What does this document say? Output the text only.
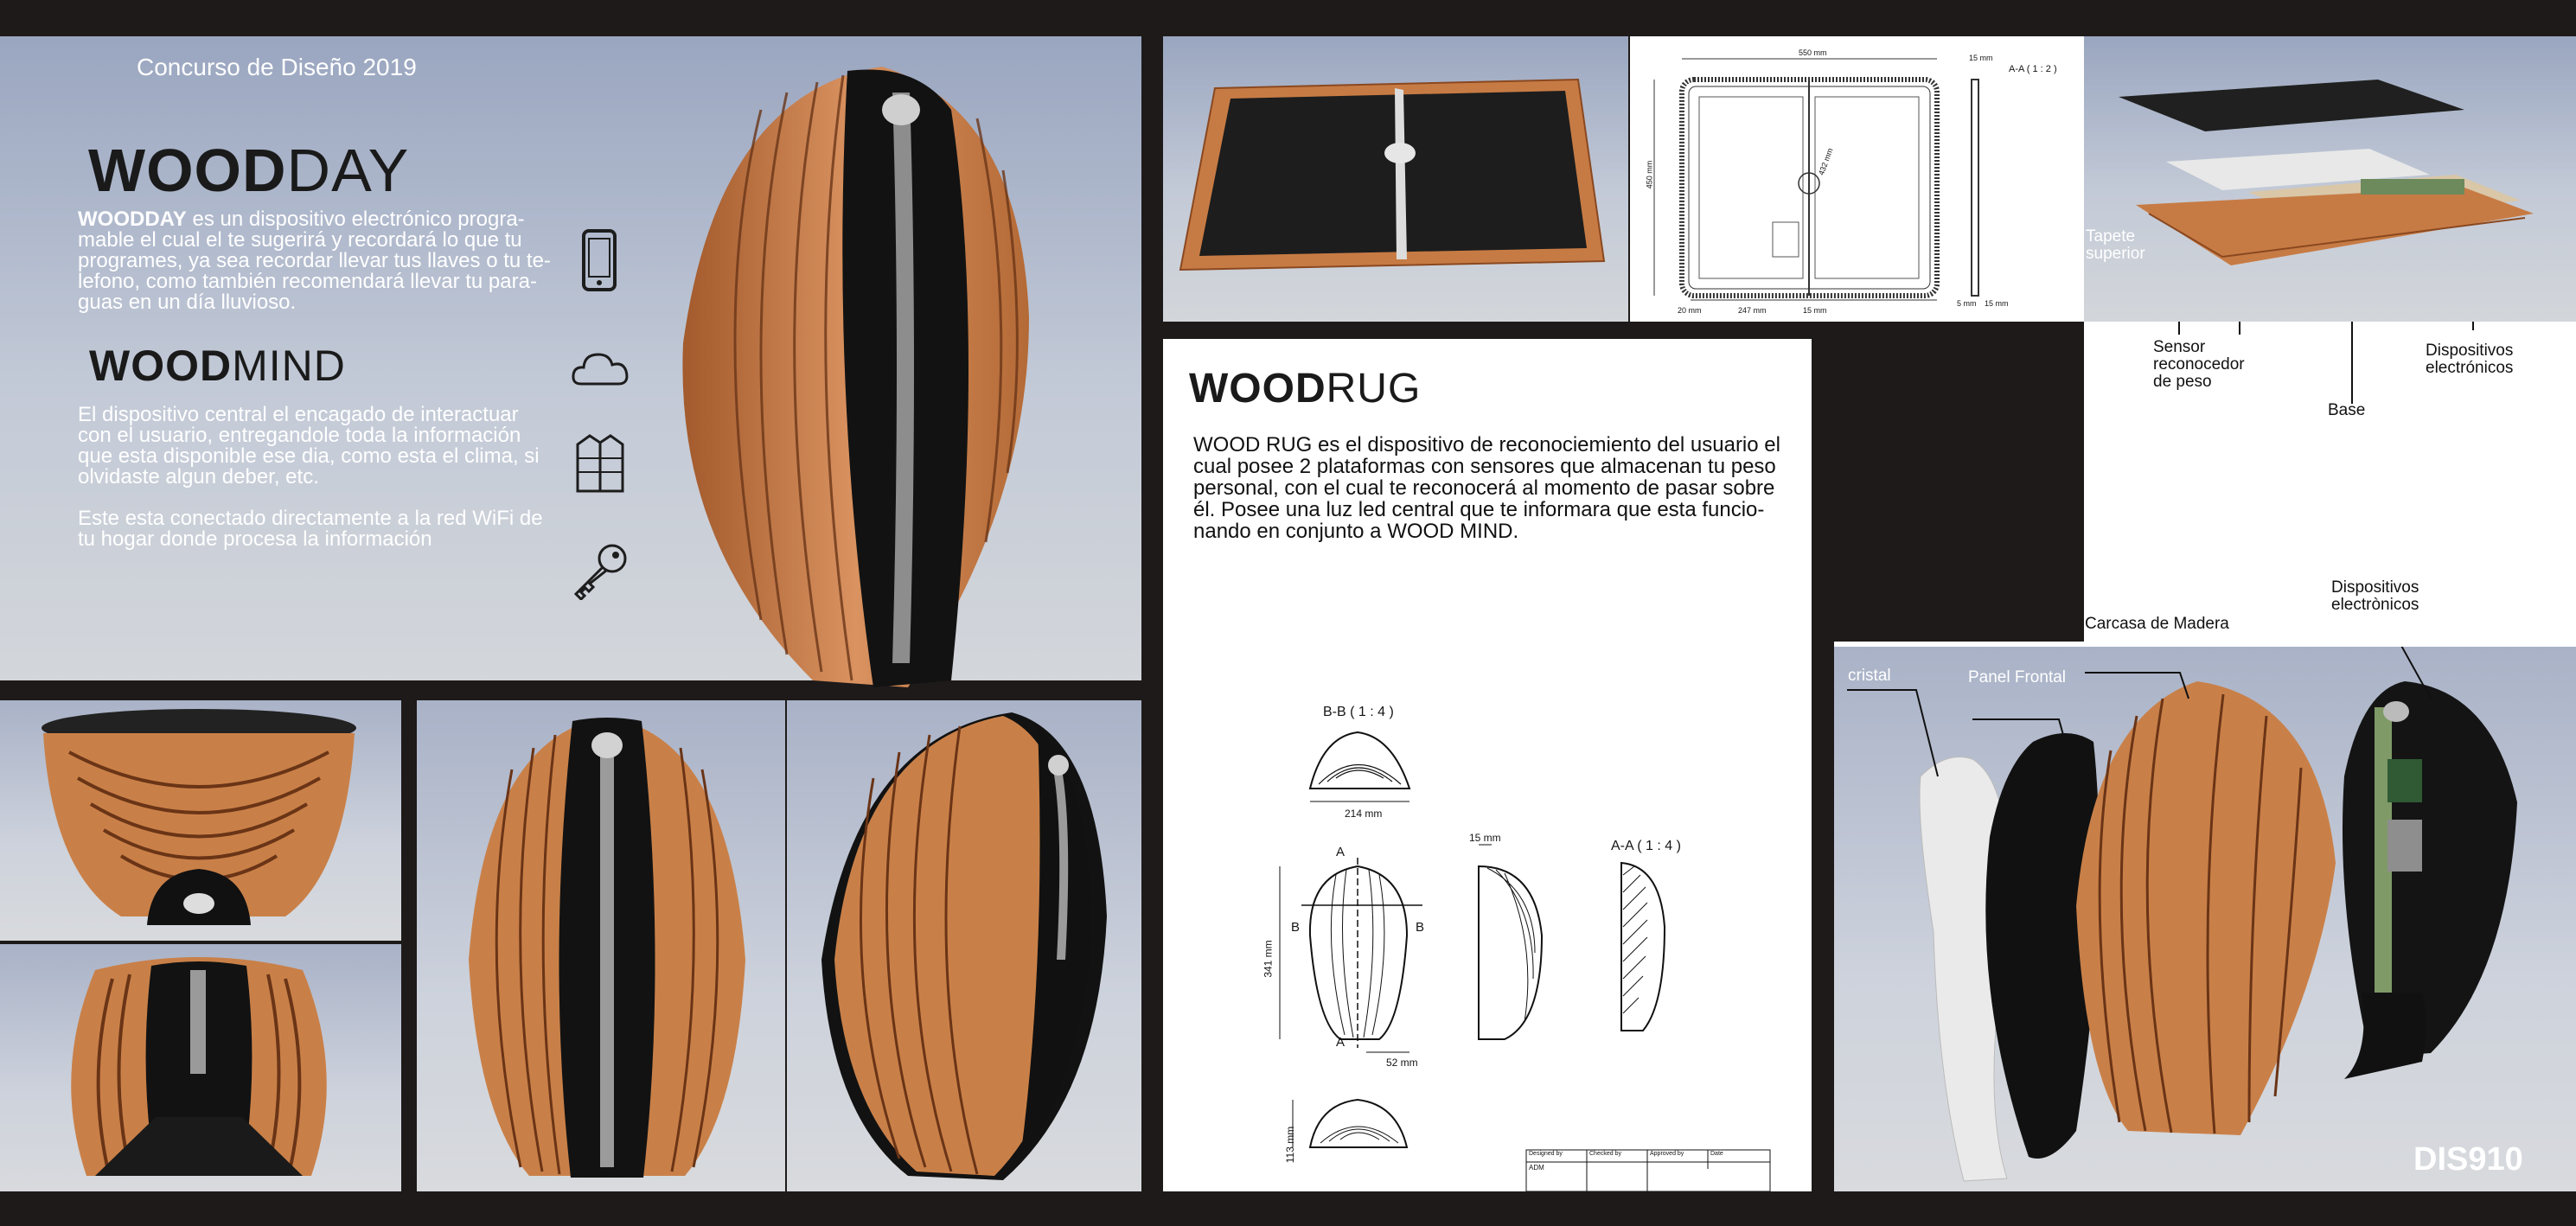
Concurso de Diseño 2019
WOODDAY
WOODDAY es un dispositivo electrónico progra-
mable el cual el te sugerirá y recordará lo que tu
programes, ya sea recordar llevar tus llaves o tu te-
lefono, como también recomendará llevar tu para-
guas en un día lluvioso.
WOODMIND
El dispositivo central el encagado de interactuar
con el usuario, entregandole toda la información
que esta disponible ese dia, como esta el clima, si
olvidaste algun deber, etc.
Este esta conectado directamente a la red WiFi de
tu hogar donde procesa la información
A-A ( 1 : 2 )
550 mm
15 mm
450 mm	432 mm
20 mm	247 mm	15 mm
5 mm 15 mm
Tapete superior
Sensor reconocedor de peso
Base
Dispositivos electrónicos
WOODRUG
WOOD RUG es el dispositivo de reconociemiento del usuario el
cual posee 2 plataformas con sensores que almacenan tu peso
personal, con el cual te reconocerá al momento de pasar sobre
él. Posee una luz led central que te informara que esta funcio-
nando en conjunto a WOOD MIND.
B-B ( 1 : 4 )
A-A ( 1 : 4 )
214 mm
15 mm
341 mm
52 mm
113 mm
A
A
B	B
Designed by	Checked by	Approved by	Date
ADM
cristal	Panel Frontal
Carcasa de Madera
Dispositivos electrònicos
DIS910
